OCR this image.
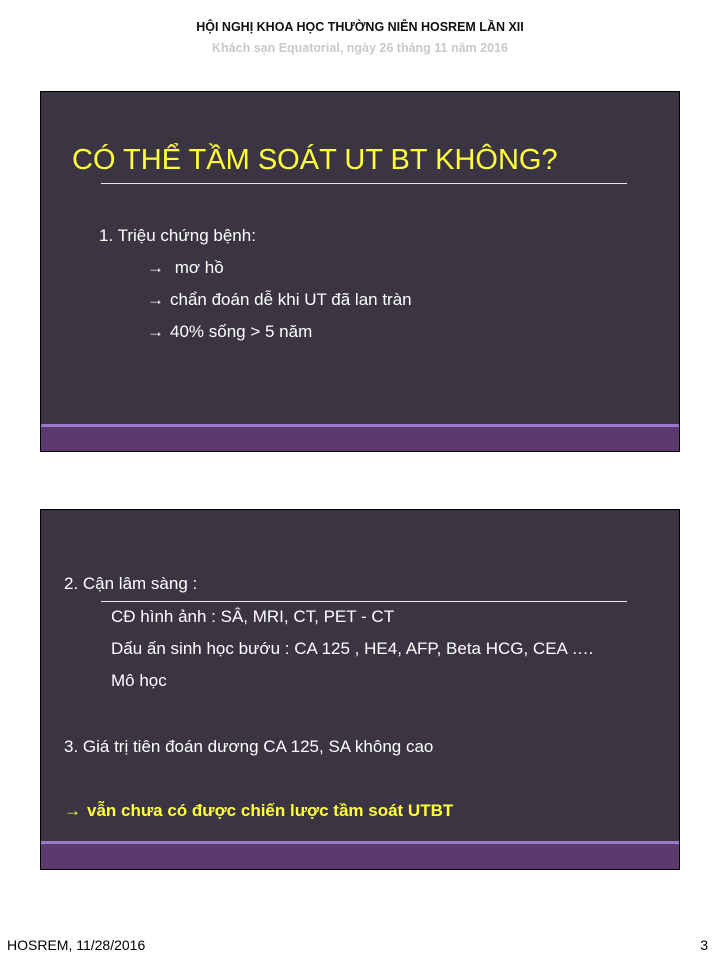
HỘI NGHỊ KHOA HỌC THƯỜNG NIÊN HOSREM LẦN XII
Khách sạn Equatorial, ngày 26 tháng 11 năm 2016
CÓ THỂ TẦM SOÁT UT BT KHÔNG?
1. Triệu chứng bệnh:
→ mơ hồ
→ chẩn đoán dễ khi UT đã lan tràn
→ 40% sống > 5 năm
2. Cận lâm sàng :
CĐ hình ảnh : SÂ, MRI, CT, PET - CT
Dấu ấn sinh học bướu : CA 125 , HE4, AFP, Beta HCG, CEA ….
Mô học
3. Giá trị tiên đoán dương CA 125, SA không cao
→ vẫn chưa có được chiến lược tầm soát UTBT
HOSREM, 11/28/2016	3
